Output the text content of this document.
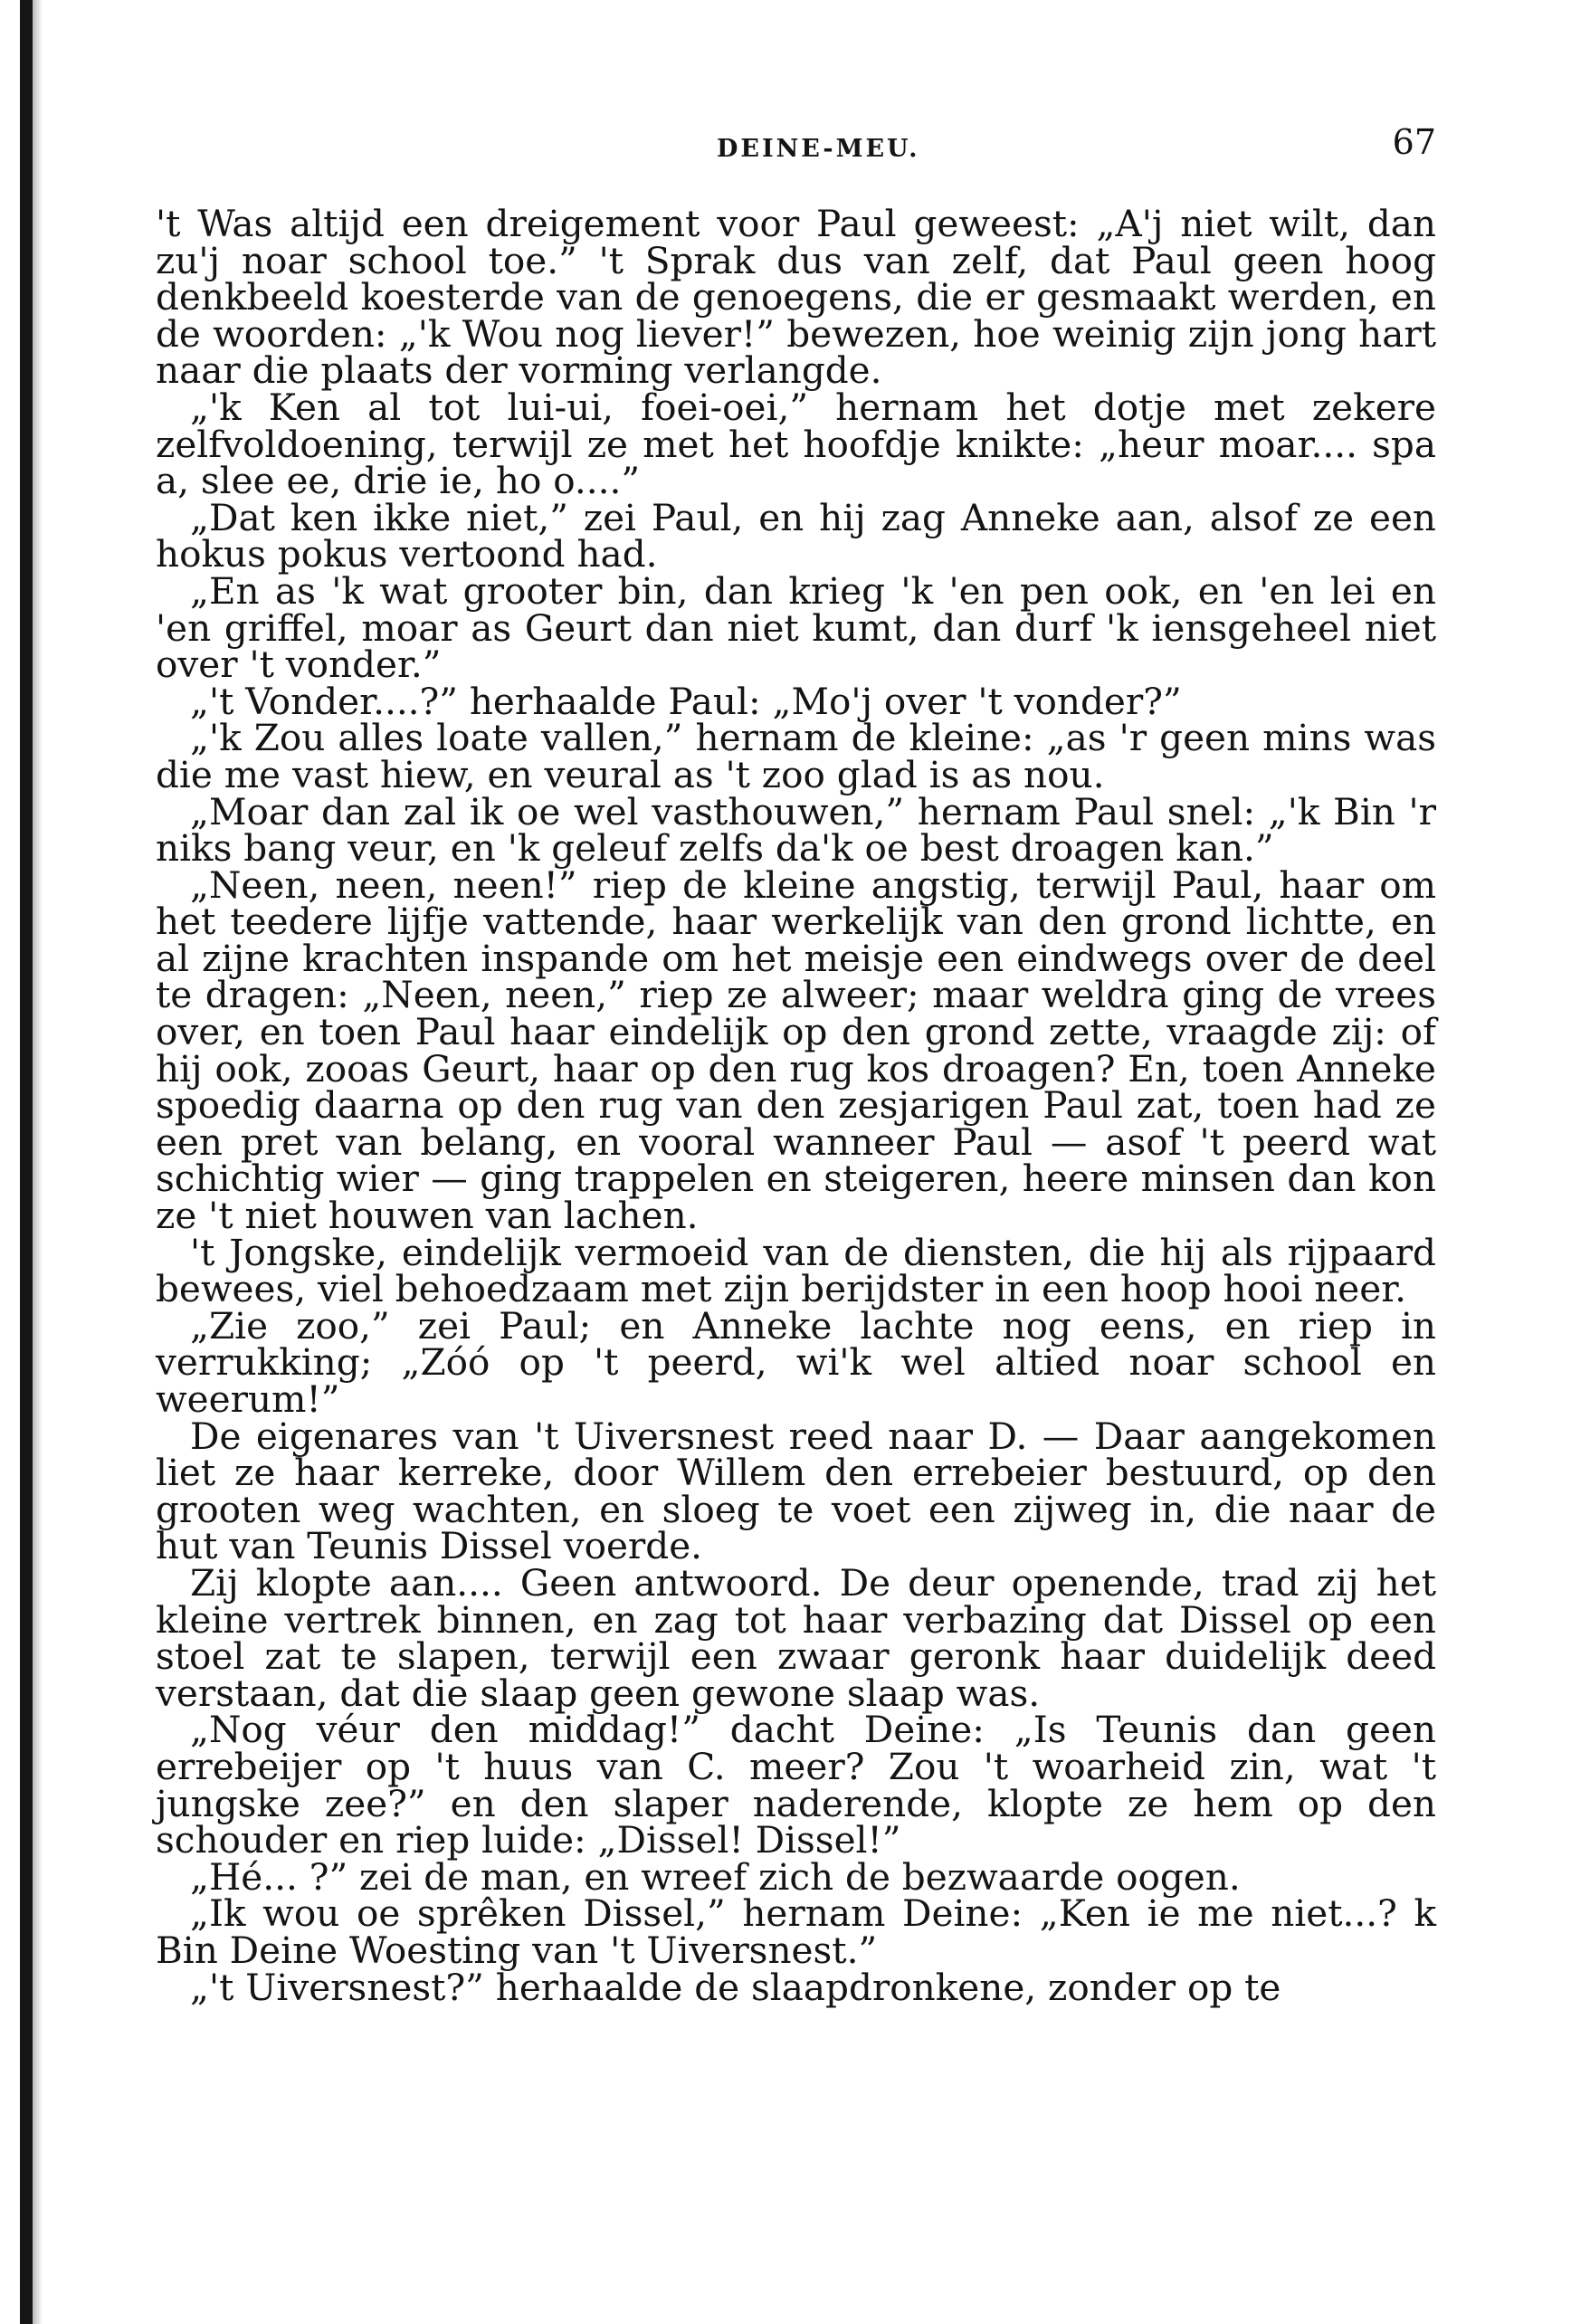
DEINE-MEU.	67

't Was altijd een dreigement voor Paul geweest: „A'j niet wilt, dan zu'j noar school toe.” 't Sprak dus van zelf, dat Paul geen hoog denkbeeld koesterde van de genoegens, die er gesmaakt werden, en de woorden: „'k Wou nog liever!” bewezen, hoe weinig zijn jong hart naar die plaats der vorming verlangde.

„'k Ken al tot lui-ui, foei-oei,” hernam het dotje met zekere zelfvoldoening, terwijl ze met het hoofdje knikte: „heur moar.... spa a, slee ee, drie ie, ho o....”

„Dat ken ikke niet,” zei Paul, en hij zag Anneke aan, alsof ze een hokus pokus vertoond had.

„En as 'k wat grooter bin, dan krieg 'k 'en pen ook, en 'en lei en 'en griffel, moar as Geurt dan niet kumt, dan durf 'k iensgeheel niet over 't vonder.”

„'t Vonder....?” herhaalde Paul: „Mo'j over 't vonder?”

„'k Zou alles loate vallen,” hernam de kleine: „as 'r geen mins was die me vast hiew, en veural as 't zoo glad is as nou.

„Moar dan zal ik oe wel vasthouwen,” hernam Paul snel: „'k Bin 'r niks bang veur, en 'k geleuf zelfs da'k oe best droagen kan.”

„Neen, neen, neen!” riep de kleine angstig, terwijl Paul, haar om het teedere lijfje vattende, haar werkelijk van den grond lichtte, en al zijne krachten inspande om het meisje een eindwegs over de deel te dragen: „Neen, neen,” riep ze alweer; maar weldra ging de vrees over, en toen Paul haar eindelijk op den grond zette, vraagde zij: of hij ook, zooas Geurt, haar op den rug kos droagen? En, toen Anneke spoedig daarna op den rug van den zesjarigen Paul zat, toen had ze een pret van belang, en vooral wanneer Paul — asof 't peerd wat schichtig wier — ging trappelen en steigeren, heere minsen dan kon ze 't niet houwen van lachen.

't Jongske, eindelijk vermoeid van de diensten, die hij als rijpaard bewees, viel behoedzaam met zijn berijdster in een hoop hooi neer.

„Zie zoo,” zei Paul; en Anneke lachte nog eens, en riep in verrukking; „Zóó op 't peerd, wi'k wel altied noar school en weerum!”

De eigenares van 't Uiversnest reed naar D. — Daar aangekomen liet ze haar kerreke, door Willem den errebeier bestuurd, op den grooten weg wachten, en sloeg te voet een zijweg in, die naar de hut van Teunis Dissel voerde.

Zij klopte aan.... Geen antwoord. De deur openende, trad zij het kleine vertrek binnen, en zag tot haar verbazing dat Dissel op een stoel zat te slapen, terwijl een zwaar geronk haar duidelijk deed verstaan, dat die slaap geen gewone slaap was.

„Nog véur den middag!” dacht Deine: „Is Teunis dan geen errebeijer op 't huus van C. meer? Zou 't woarheid zin, wat 't jungske zee?” en den slaper naderende, klopte ze hem op den schouder en riep luide: „Dissel! Dissel!”

„Hé... ?” zei de man, en wreef zich de bezwaarde oogen.

„Ik wou oe sprêken Dissel,” hernam Deine: „Ken ie me niet...? k Bin Deine Woesting van 't Uiversnest.”

„'t Uiversnest?” herhaalde de slaapdronkene, zonder op te
